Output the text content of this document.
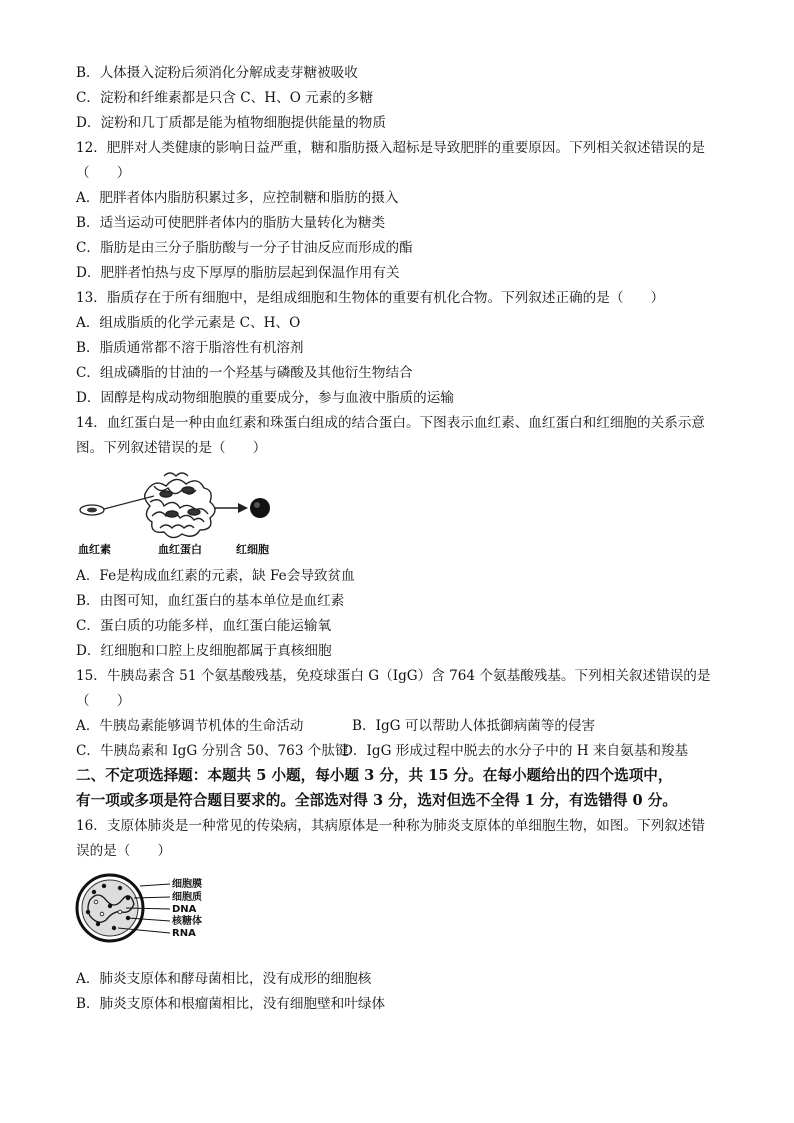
B．人体摄入淀粉后须消化分解成麦芽糖被吸收
C．淀粉和纤维素都是只含 C、H、O 元素的多糖
D．淀粉和几丁质都是能为植物细胞提供能量的物质
12．肥胖对人类健康的影响日益严重，糖和脂肪摄入超标是导致肥胖的重要原因。下列相关叙述错误的是
（　　）
A．肥胖者体内脂肪积累过多，应控制糖和脂肪的摄入
B．适当运动可使肥胖者体内的脂肪大量转化为糖类
C．脂肪是由三分子脂肪酸与一分子甘油反应而形成的酯
D．肥胖者怕热与皮下厚厚的脂肪层起到保温作用有关
13．脂质存在于所有细胞中，是组成细胞和生物体的重要有机化合物。下列叙述正确的是（　　）
A．组成脂质的化学元素是 C、H、O
B．脂质通常都不溶于脂溶性有机溶剂
C．组成磷脂的甘油的一个羟基与磷酸及其他衍生物结合
D．固醇是构成动物细胞膜的重要成分，参与血液中脂质的运输
14．血红蛋白是一种由血红素和珠蛋白组成的结合蛋白。下图表示血红素、血红蛋白和红细胞的关系示意
图。下列叙述错误的是（　　）
血红素	血红蛋白	红细胞
A．Fe是构成血红素的元素，缺 Fe会导致贫血
B．由图可知，血红蛋白的基本单位是血红素
C．蛋白质的功能多样，血红蛋白能运输氧
D．红细胞和口腔上皮细胞都属于真核细胞
15．牛胰岛素含 51 个氨基酸残基，免疫球蛋白 G（IgG）含 764 个氨基酸残基。下列相关叙述错误的是
（　　）
A．牛胰岛素能够调节机体的生命活动	B．IgG 可以帮助人体抵御病菌等的侵害
C．牛胰岛素和 IgG 分别含 50、763 个肽键
D．IgG 形成过程中脱去的水分子中的 H 来自氨基和羧基
二、不定项选择题：本题共 5 小题，每小题 3 分，共 15 分。在每小题给出的四个选项中，
有一项或多项是符合题目要求的。全部选对得 3 分，选对但选不全得 1 分，有选错得 0 分。
16．支原体肺炎是一种常见的传染病，其病原体是一种称为肺炎支原体的单细胞生物，如图。下列叙述错
误的是（　　）
细胞膜
细胞质
DNA
核糖体
RNA
A．肺炎支原体和酵母菌相比，没有成形的细胞核
B．肺炎支原体和根瘤菌相比，没有细胞壁和叶绿体
